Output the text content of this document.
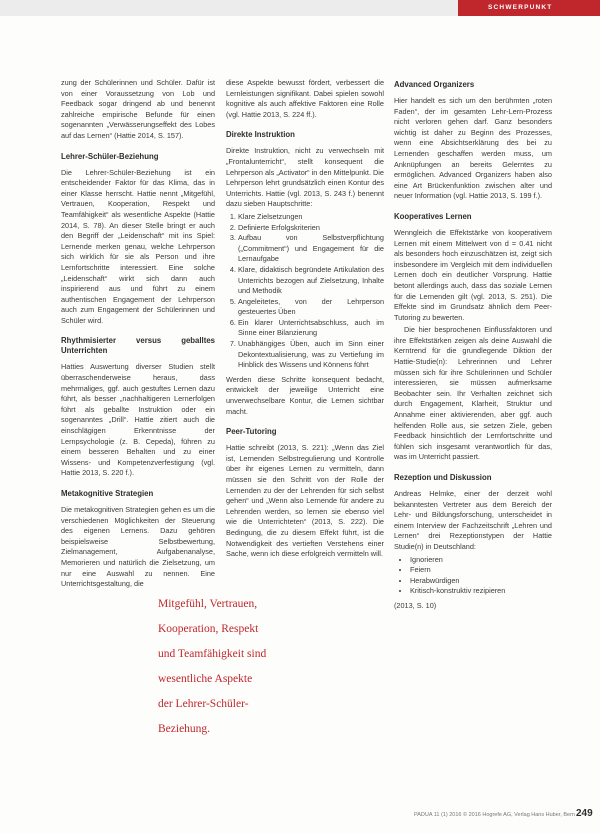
SCHWERPUNKT

zung der Schülerinnen und Schüler. Dafür ist von einer Voraussetzung von Lob und Feedback sogar dringend ab und benennt zahlreiche empirische Befunde für einen sogenannten „Verwässerungseffekt des Lobes auf das Lernen“ (Hattie 2014, S. 157).

Lehrer-Schüler-Beziehung

Die Lehrer-Schüler-Beziehung ist ein entscheidender Faktor für das Klima, das in einer Klasse herrscht. Hattie nennt „Mitgefühl, Vertrauen, Kooperation, Respekt und Teamfähigkeit“ als wesentliche Aspekte (Hattie 2014, S. 78). An dieser Stelle bringt er auch den Begriff der „Leidenschaft“ mit ins Spiel: Lernende merken genau, welche Lehrperson sich wirklich für sie als Person und ihre Lernfortschritte interessiert. Eine solche „Leidenschaft“ wirkt sich dann auch inspirierend aus und führt zu einem authentischen Engagement der Lehrperson auch zum Engagement der Schülerinnen und Schüler wird.

Rhythmisierter versus geballtes Unterrichten

Hatties Auswertung diverser Studien stellt überraschenderweise heraus, dass mehrmaliges, ggf. auch gestuftes Lernen dazu führt, als besser „nachhaltigeren Lernerfolgen führt als geballte Instruktion oder ein sogenanntes „Drill“. Hattie zitiert auch die einschlägigen Erkenntnisse der Lernpsychologie (z. B. Cepeda), führen zu einem besseren Behalten und zu einer Wissens- und Kompetenzverfestigung (vgl. Hattie 2013, S. 220 f.).

Metakognitive Strategien

Die metakognitiven Strategien gehen es um die verschiedenen Möglichkeiten der Steuerung des eigenen Lernens. Dazu gehören beispielsweise Selbstbewertung, Zielmanagement, Aufgabenanalyse, Memorieren und natürlich die Zielsetzung, um nur eine Auswahl zu nennen. Eine Unterrichtsgestaltung, die

diese Aspekte bewusst fördert, verbessert die Lernleistungen signifikant. Dabei spielen sowohl kognitive als auch affektive Faktoren eine Rolle (vgl. Hattie 2013, S. 224 ff.).

Direkte Instruktion

Direkte Instruktion, nicht zu verwechseln mit „Frontalunterricht“, stellt konsequent die Lehrperson als „Activator“ in den Mittelpunkt. Die Lehrperson lehrt grundsätzlich einen Kontur des Unterrichts. Hattie (vgl. 2013, S. 243 f.) benennt dazu sieben Hauptschritte:

1. Klare Zielsetzungen
2. Definierte Erfolgskriterien
3. Aufbau von Selbstverpflichtung („Commitment“) und Engagement für die Lernaufgabe
4. Klare, didaktisch begründete Artikulation des Unterrichts bezogen auf Zielsetzung, Inhalte und Methodik
5. Angeleitetes, von der Lehrperson gesteuertes Üben
6. Ein klarer Unterrichtsabschluss, auch im Sinne einer Bilanzierung
7. Unabhängiges Üben, auch im Sinn einer Dekontextualisierung, was zu Vertiefung im Hinblick des Wissens und Könnens führt

Werden diese Schritte konsequent bedacht, entwickelt der jeweilige Unterricht eine unverwechselbare Kontur, die Lernen sichtbar macht.

Peer-Tutoring

Hattie schreibt (2013, S. 221): „Wenn das Ziel ist, Lernenden Selbstregulierung und Kontrolle über ihr eigenes Lernen zu vermitteln, dann müssen sie den Schritt von der Rolle der Lernenden zu der der Lehrenden für sich selbst gehen“ und „Wenn also Lernende für andere zu Lehrenden werden, so lernen sie ebenso viel wie die Unterrichteten“ (2013, S. 222). Die Bedingung, die zu diesem Effekt führt, ist die Notwendigkeit des vertieften Verstehens einer Sache, wenn ich diese erfolgreich vermitteln will.

Advanced Organizers

Hier handelt es sich um den berühmten „roten Faden“, der im gesamten Lehr-Lern-Prozess nicht verloren gehen darf. Ganz besonders wichtig ist daher zu Beginn des Prozesses, wenn eine Absichtserklärung des bei zu Lernenden geschaffen werden muss, um Anknüpfungen an bereits Gelerntes zu ermöglichen. Advanced Organizers haben also eine Art Brückenfunktion zwischen alter und neuer Information (vgl. Hattie 2013, S. 199 f.).

Kooperatives Lernen

Wenngleich die Effektstärke von kooperativem Lernen mit einem Mittelwert von d = 0.41 nicht als besonders hoch einzuschätzen ist, zeigt sich insbesondere im Vergleich mit dem individuellen Lernen doch ein deutlicher Vorsprung. Hattie betont allerdings auch, dass das soziale Lernen für die Lernenden gilt (vgl. 2013, S. 251). Die Effekte sind im Grundsatz ähnlich dem Peer-Tutoring zu bewerten.

Die hier besprochenen Einflussfaktoren und ihre Effektstärken zeigen als deine Auswahl die Kerntrend für die grundlegende Diktion der Hattie-Studie(n): Lehrerinnen und Lehrer müssen sich für ihre Schülerinnen und Schüler interessieren, sie müssen aufmerksame Beobachter sein. Ihr Verhalten zeichnet sich durch Engagement, Klarheit, Struktur und Annahme einer aktivierenden, aber ggf. auch helfenden Rolle aus, sie setzen Ziele, geben Feedback hinsichtlich der Lernfortschritte und fühlen sich insgesamt verantwortlich für das, was im Unterricht passiert.

Rezeption und Diskussion

Andreas Helmke, einer der derzeit wohl bekanntesten Vertreter aus dem Bereich der Lehr- und Bildungsforschung, unterscheidet in einem Interview der Fachzeitschrift „Lehren und Lernen“ drei Rezeptionstypen der Hattie Studie(n) in Deutschland:

• Ignorieren
• Feiern
• Herabwürdigen
• Kritisch-konstruktiv rezipieren

(2013, S. 10)

Mitgefühl, Vertrauen,
Kooperation, Respekt
und Teamfähigkeit sind
wesentliche Aspekte
der Lehrer-Schüler-
Beziehung.
PADUA 11 (1) 2016 © 2016 Hogrefe AG, Verlag Hans Huber, Bern 249
